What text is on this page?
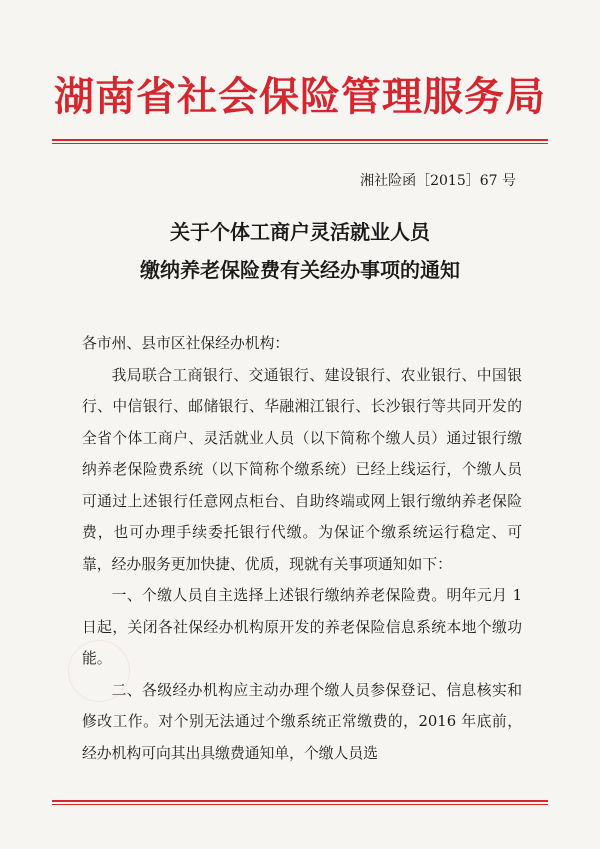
湖南省社会保险管理服务局
湘社险函［2015］67 号
关于个体工商户灵活就业人员
缴纳养老保险费有关经办事项的通知

各市州、县市区社保经办机构：

我局联合工商银行、交通银行、建设银行、农业银行、中国银行、中信银行、邮储银行、华融湘江银行、长沙银行等共同开发的全省个体工商户、灵活就业人员（以下简称个缴人员）通过银行缴纳养老保险费系统（以下简称个缴系统）已经上线运行，个缴人员可通过上述银行任意网点柜台、自助终端或网上银行缴纳养老保险费，也可办理手续委托银行代缴。为保证个缴系统运行稳定、可靠，经办服务更加快捷、优质，现就有关事项通知如下：

一、个缴人员自主选择上述银行缴纳养老保险费。明年元月 1 日起，关闭各社保经办机构原开发的养老保险信息系统本地个缴功能。

二、各级经办机构应主动办理个缴人员参保登记、信息核实和修改工作。对个别无法通过个缴系统正常缴费的，2016 年底前，经办机构可向其出具缴费通知单，个缴人员选
